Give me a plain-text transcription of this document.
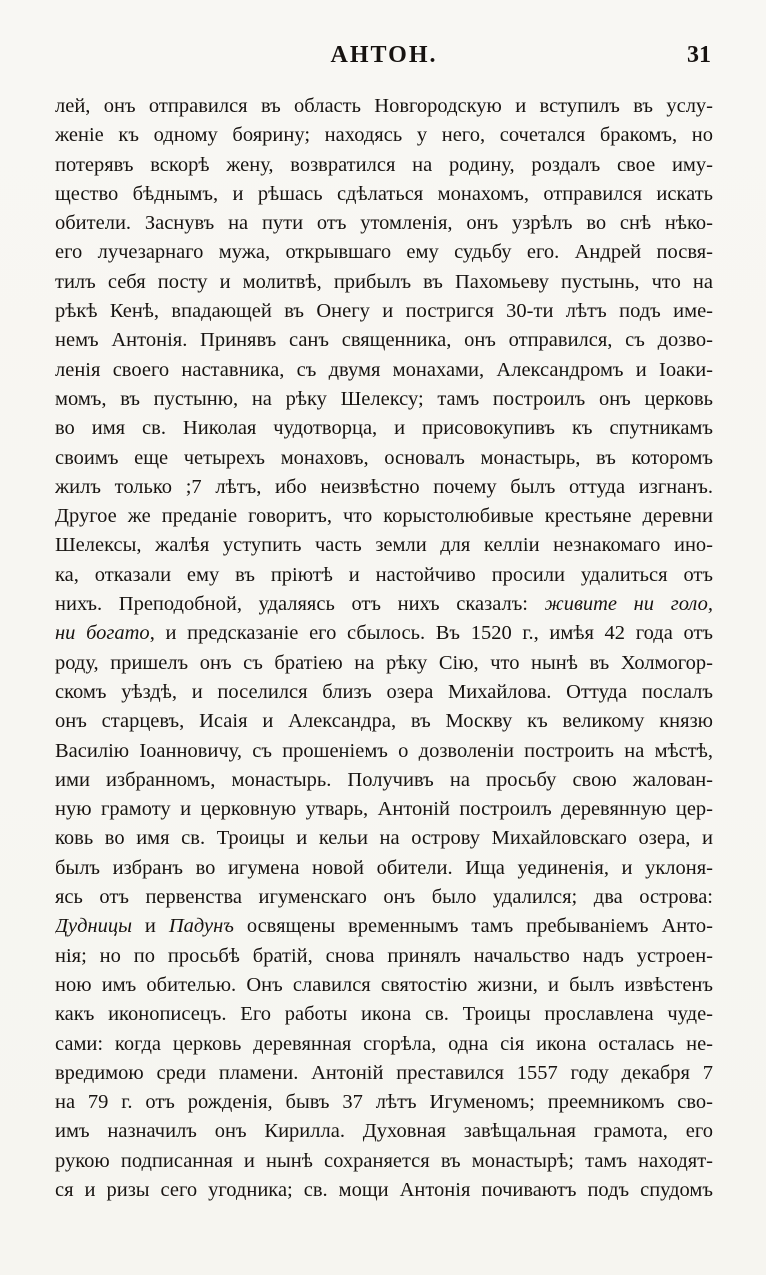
АНТОН.	31
лей, онъ отправился въ область Новгородскую и вступилъ въ услу-
женіе къ одному боярину; находясь у него, сочетался бракомъ, но
потерявъ вскорѣ жену, возвратился на родину, роздалъ свое иму-
щество бѣднымъ, и рѣшась сдѣлаться монахомъ, отправился искать
обители. Заснувъ на пути отъ утомленія, онъ узрѣлъ во снѣ нѣко-
его лучезарнаго мужа, открывшаго ему судьбу его. Андрей посвя-
тилъ себя посту и молитвѣ, прибылъ въ Пахомьеву пустынь, что на
рѣкѣ Кенѣ, впадающей въ Онегу и постригся 30-ти лѣтъ подъ име-
немъ Антонія. Принявъ санъ священника, онъ отправился, съ дозво-
ленія своего наставника, съ двумя монахами, Александромъ и Іоаки-
момъ, въ пустыню, на рѣку Шелексу; тамъ построилъ онъ церковь
во имя св. Николая чудотворца, и присовокупивъ къ спутникамъ
своимъ еще четырехъ монаховъ, основалъ монастырь, въ которомъ
жилъ только ;7 лѣтъ, ибо неизвѣстно почему былъ оттуда изгнанъ.
Другое же преданіе говоритъ, что корыстолюбивые крестьяне деревни
Шелексы, жалѣя уступить часть земли для келліи незнакомаго ино-
ка, отказали ему въ пріютѣ и настойчиво просили удалиться отъ
нихъ. Преподобной, удаляясь отъ нихъ сказалъ: живите ни голо,
ни богато, и предсказаніе его сбылось. Въ 1520 г., имѣя 42 года отъ
роду, пришелъ онъ съ братіею на рѣку Сію, что нынѣ въ Холмогор-
скомъ уѣздѣ, и поселился близъ озера Михайлова. Оттуда послалъ
онъ старцевъ, Исаія и Александра, въ Москву къ великому князю
Василію Іоанновичу, съ прошеніемъ о дозволеніи построить на мѣстѣ,
ими избранномъ, монастырь. Получивъ на просьбу свою жалован-
ную грамоту и церковную утварь, Антоній построилъ деревянную цер-
ковь во имя св. Троицы и кельи на острову Михайловскаго озера, и
былъ избранъ во игумена новой обители. Ища уединенія, и уклоня-
ясь отъ первенства игуменскаго онъ было удалился; два острова:
Дудницы и Падунъ освящены временнымъ тамъ пребываніемъ Анто-
нія; но по просьбѣ братій, снова принялъ начальство надъ устроен-
ною имъ обителью. Онъ славился святостію жизни, и былъ извѣстенъ
какъ иконописецъ. Его работы икона св. Троицы прославлена чуде-
сами: когда церковь деревянная сгорѣла, одна сія икона осталась не-
вредимою среди пламени. Антоній преставился 1557 году декабря 7
на 79 г. отъ рожденія, бывъ 37 лѣтъ Игуменомъ; преемникомъ сво-
имъ назначилъ онъ Кирилла. Духовная завѣщальная грамота, его
рукою подписанная и нынѣ сохраняется въ монастырѣ; тамъ находят-
ся и ризы сего угодника; св. мощи Антонія почиваютъ подъ спудомъ
